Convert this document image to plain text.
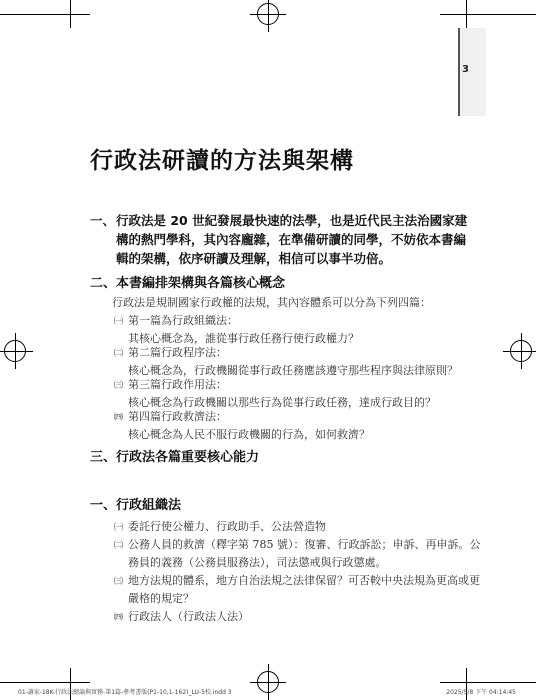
3
行政法研讀的方法與架構
一、 行政法是 20 世紀發展最快速的法學，也是近代民主法治國家建
構的熱門學科，其內容龐雜，在準備研讀的同學，不妨依本書編
輯的架構，依序研讀及理解，相信可以事半功倍。
二、本書編排架構與各篇核心概念
行政法是規制國家行政權的法規，其內容體系可以分為下列四篇：
㈠ 第一篇為行政組織法：
其核心概念為，誰從事行政任務行使行政權力？
㈡ 第二篇行政程序法：
核心概念為，行政機關從事行政任務應該遵守那些程序與法律原則？
㈢ 第三篇行政作用法：
核心概念為行政機關以那些行為從事行政任務，達成行政目的？
㈣ 第四篇行政救濟法：
核心概念為人民不服行政機關的行為，如何救濟？
三、行政法各篇重要核心能力
一、行政組織法
㈠ 委託行使公權力、行政助手、公法營造物
㈡ 公務人員的救濟（釋字第 785 號）：復審、行政訴訟；申訴、再申訴。公
務員的義務（公務員服務法），司法懲戒與行政懲處。
㈢ 地方法規的體系，地方自治法規之法律保留？可否較中央法規為更高或更
嚴格的規定？
㈣ 行政法人（行政法人法）
01-讀家-18K-行政法總論與實務-第1篇-參考書版(P1-10,1-162)_LU-5校.indd 3	2025/5/8 下午 04:14:45
